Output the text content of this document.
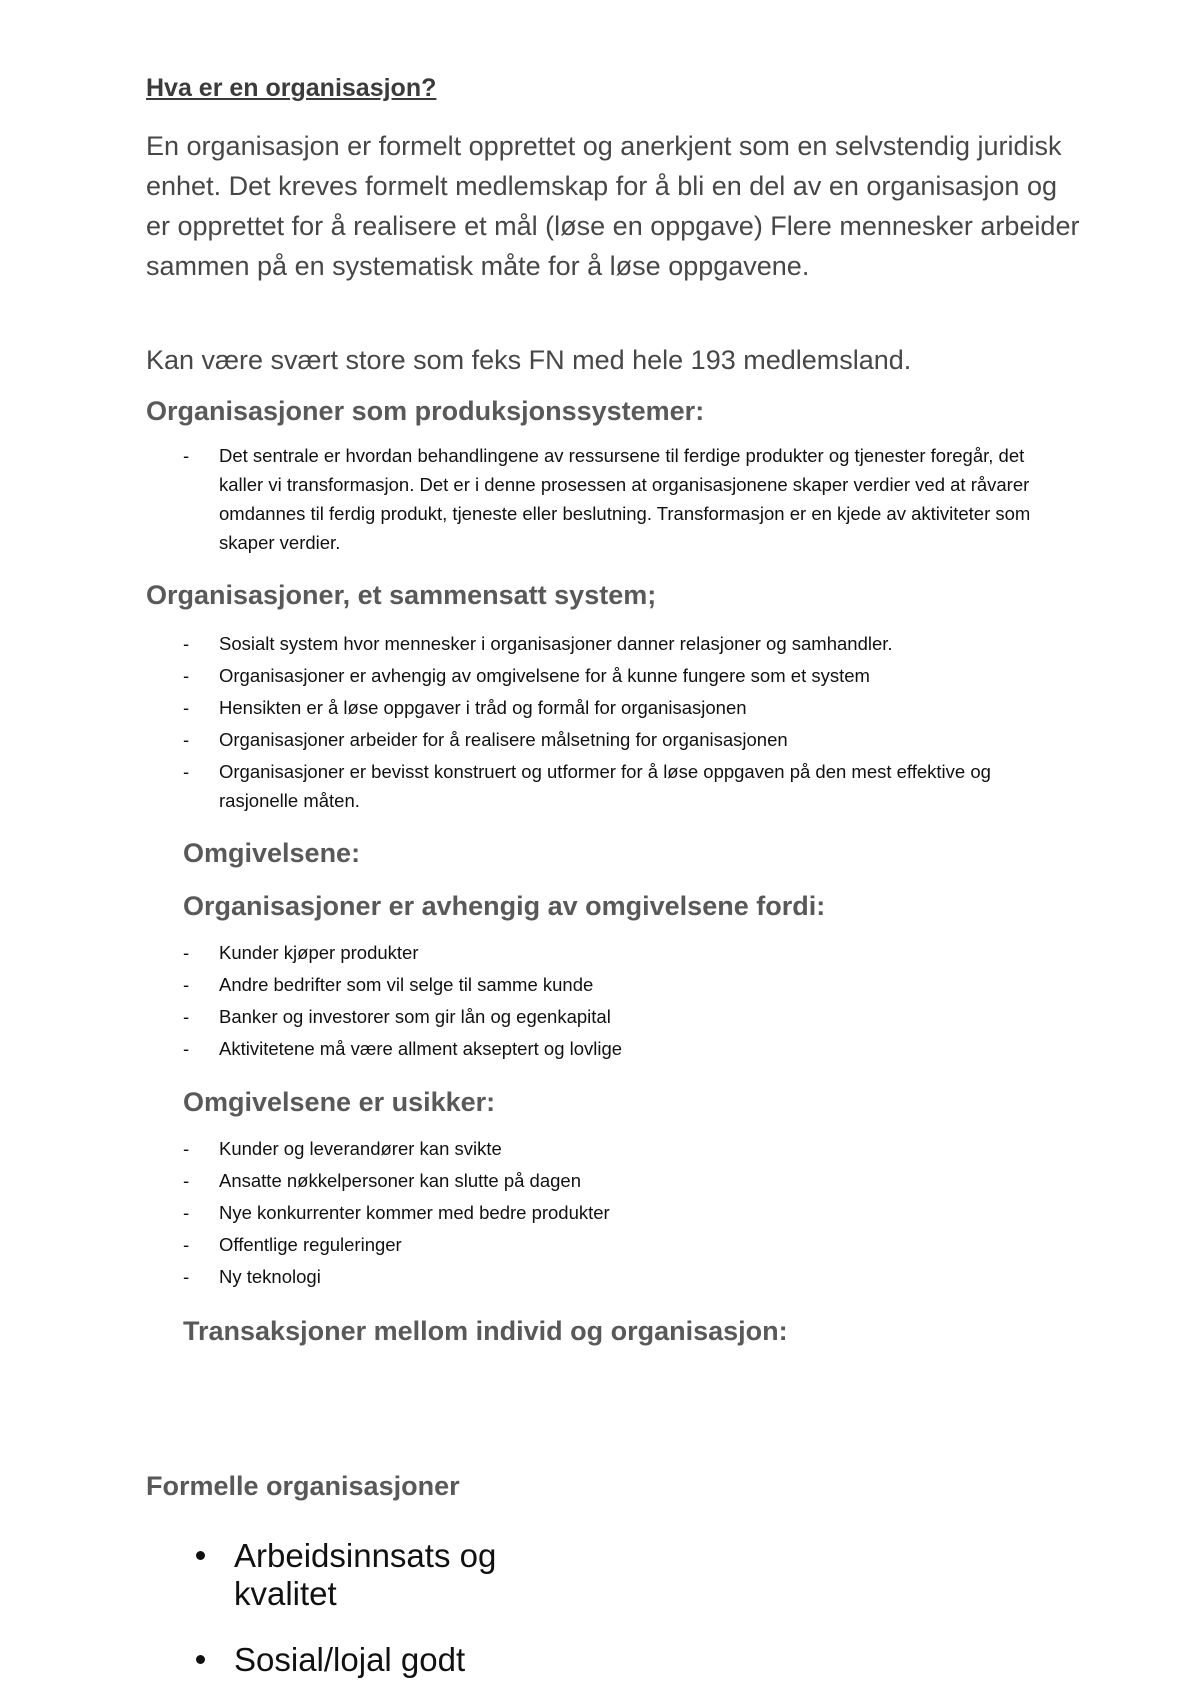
Hva er en organisasjon?

En organisasjon er formelt opprettet og anerkjent som en selvstendig juridisk enhet. Det kreves formelt medlemskap for å bli en del av en organisasjon og er opprettet for å realisere et mål (løse en oppgave) Flere mennesker arbeider sammen på en systematisk måte for å løse oppgavene.

Kan være svært store som feks FN med hele 193 medlemsland.

Organisasjoner som produksjonssystemer:
-	Det sentrale er hvordan behandlingene av ressursene til ferdige produkter og tjenester foregår, det kaller vi transformasjon. Det er i denne prosessen at organisasjonene skaper verdier ved at råvarer omdannes til ferdig produkt, tjeneste eller beslutning. Transformasjon er en kjede av aktiviteter som skaper verdier.
Organisasjoner, et sammensatt system;
-	Sosialt system hvor mennesker i organisasjoner danner relasjoner og samhandler.
-	Organisasjoner er avhengig av omgivelsene for å kunne fungere som et system
-	Hensikten er å løse oppgaver i tråd og formål for organisasjonen
-	Organisasjoner arbeider for å realisere målsetning for organisasjonen
-	Organisasjoner er bevisst konstruert og utformer for å løse oppgaven på den mest effektive og rasjonelle måten.
Omgivelsene:
Organisasjoner er avhengig av omgivelsene fordi:
-	Kunder kjøper produkter
-	Andre bedrifter som vil selge til samme kunde
-	Banker og investorer som gir lån og egenkapital
-	Aktivitetene må være allment akseptert og lovlige
Omgivelsene er usikker:
-	Kunder og leverandører kan svikte
-	Ansatte nøkkelpersoner kan slutte på dagen
-	Nye konkurrenter kommer med bedre produkter
-	Offentlige reguleringer
-	Ny teknologi
Transaksjoner mellom individ og organisasjon:
Formelle organisasjoner
Arbeidsinnsats og kvalitet
Sosial/lojal godt
